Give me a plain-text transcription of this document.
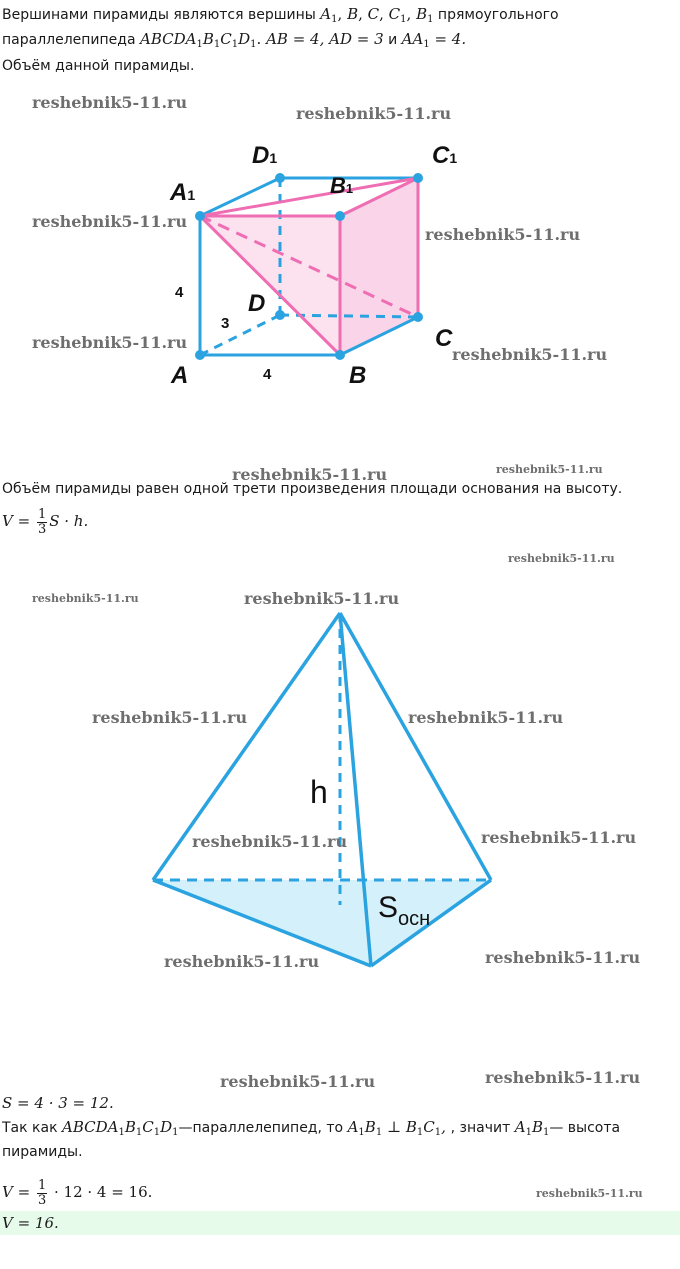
Вершинами пирамиды являются вершины $A_1$, B, C, $C_1$, $B_1$ прямоугольного
параллелепипеда $ABCDA_1B_1C_1D_1$. AB = 4, AD = 3 и $AA_1 = 4$.
Объём данной пирамиды.
A	B
C
D
A1	B1
C1
D1
4
3
4
Объём пирамиды равен одной трети произведения площади основания на высоту.
$V = \frac{1}{3}$ S · h.
h
$S_{осн}$
S = 4 · 3 = 12.
Так как $ABCDA_1B_1C_1D_1—параллелепипед$, то $A_1B_1$ ⊥ $B_1C_1$, , значит $A_1B_1—$ высота
пирамиды.
$V = \frac{1}{3} \cdot 12 \cdot 4 = 16$.
V = 16.
reshebnik5-11.ru
reshebnik5-11.ru
reshebnik5-11.ru
reshebnik5-11.ru
reshebnik5-11.ru
reshebnik5-11.ru
reshebnik5-11.ru	reshebnik5-11.ru
reshebnik5-11.ru
reshebnik5-11.ru	reshebnik5-11.ru
reshebnik5-11.ru	reshebnik5-11.ru
reshebnik5-11.ru	reshebnik5-11.ru
reshebnik5-11.ru	reshebnik5-11.ru
reshebnik5-11.ru	reshebnik5-11.ru
reshebnik5-11.ru
